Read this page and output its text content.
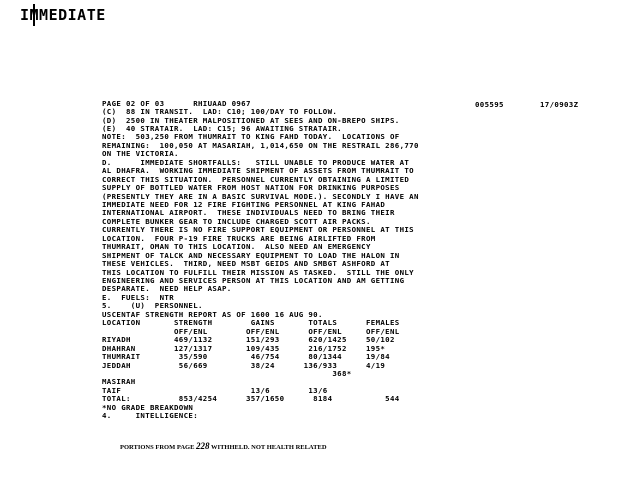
IMMEDIATE
PAGE 02 OF 03      RHIUAAD 0967	005595	17/0903Z
(C)  88 IN TRANSIT.  LAD: C10; 100/DAY TO FOLLOW.
(D)  2500 IN THEATER MALPOSITIONED AT SEES AND ON-BREPO SHIPS.
(E)  40 STRATAIR.  LAD: C15; 96 AWAITING STRATAIR.
NOTE:  503,250 FROM THUMRAIT TO KING FAHD TODAY.  LOCATIONS OF
REMAINING:  100,050 AT MASARIAH, 1,014,650 ON THE RESTRAIL 286,770
ON THE VICTORIA.
D.      IMMEDIATE SHORTFALLS:   STILL UNABLE TO PRODUCE WATER AT
AL DHAFRA.  WORKING IMMEDIATE SHIPMENT OF ASSETS FROM THUMRAIT TO
CORRECT THIS SITUATION.  PERSONNEL CURRENTLY OBTAINING A LIMITED
SUPPLY OF BOTTLED WATER FROM HOST NATION FOR DRINKING PURPOSES
(PRESENTLY THEY ARE IN A BASIC SURVIVAL MODE.). SECONDLY I HAVE AN
IMMEDIATE NEED FOR 12 FIRE FIGHTING PERSONNEL AT KING FAHAD
INTERNATIONAL AIRPORT.  THESE INDIVIDUALS NEED TO BRING THEIR
COMPLETE BUNKER GEAR TO INCLUDE CHARGED SCOTT AIR PACKS.
CURRENTLY THERE IS NO FIRE SUPPORT EQUIPMENT OR PERSONNEL AT THIS
LOCATION.  FOUR P-19 FIRE TRUCKS ARE BEING AIRLIFTED FROM
THUMRAIT, OMAN TO THIS LOCATION.  ALSO NEED AN EMERGENCY
SHIPMENT OF TALCK AND NECESSARY EQUIPMENT TO LOAD THE HALON IN
THESE VEHICLES.  THIRD, NEED MSBT GEIDS AND SMBGT ASHFORD AT
THIS LOCATION TO FULFILL THEIR MISSION AS TASKED.  STILL THE ONLY
ENGINEERING AND SERVICES PERSON AT THIS LOCATION AND AM GETTING
DESPARATE.  NEED HELP ASAP.
E.  FUELS:  NTR
5.    (U)  PERSONNEL.
USCENTAF STRENGTH REPORT AS OF 1600 16 AUG 90.
LOCATION       STRENGTH        GAINS       TOTALS      FEMALES
OFF/ENL        OFF/ENL      OFF/ENL     OFF/ENL
RIYADH         469/1132       151/293      620/1425    50/102
DHAHRAN        127/1317       109/435      216/1752    195*
THUMRAIT        35/590         46/754      80/1344     19/84
JEDDAH          56/669         38/24      136/933      4/19
368*
MASIRAH
TAIF                           13/6        13/6
TOTAL:          853/4254      357/1650      8184           544
*NO GRADE BREAKDOWN
4.     INTELLIGENCE:
PORTIONS FROM PAGE 228 WITHHELD. NOT HEALTH RELATED
